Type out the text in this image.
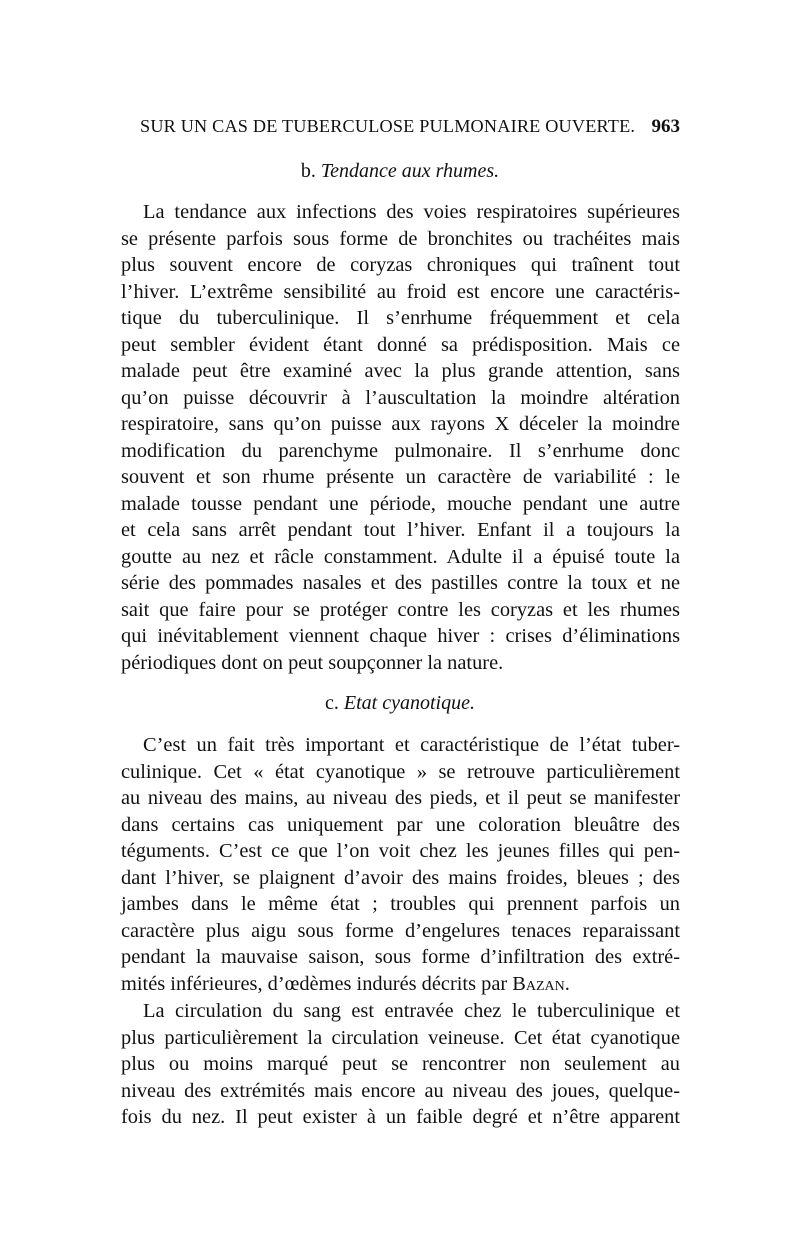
SUR UN CAS DE TUBERCULOSE PULMONAIRE OUVERTE. 963
b. Tendance aux rhumes.
La tendance aux infections des voies respiratoires supérieures
se présente parfois sous forme de bronchites ou trachéites mais
plus souvent encore de coryzas chroniques qui traînent tout
l’hiver. L’extrême sensibilité au froid est encore une caractéris-
tique du tuberculinique. Il s’enrhume fréquemment et cela
peut sembler évident étant donné sa prédisposition. Mais ce
malade peut être examiné avec la plus grande attention, sans
qu’on puisse découvrir à l’auscultation la moindre altération
respiratoire, sans qu’on puisse aux rayons X déceler la moindre
modification du parenchyme pulmonaire. Il s’enrhume donc
souvent et son rhume présente un caractère de variabilité : le
malade tousse pendant une période, mouche pendant une autre
et cela sans arrêt pendant tout l’hiver. Enfant il a toujours la
goutte au nez et râcle constamment. Adulte il a épuisé toute la
série des pommades nasales et des pastilles contre la toux et ne
sait que faire pour se protéger contre les coryzas et les rhumes
qui inévitablement viennent chaque hiver : crises d’éliminations
périodiques dont on peut soupçonner la nature.
c. Etat cyanotique.
C’est un fait très important et caractéristique de l’état tuber-
culinique. Cet « état cyanotique » se retrouve particulièrement
au niveau des mains, au niveau des pieds, et il peut se manifester
dans certains cas uniquement par une coloration bleuâtre des
téguments. C’est ce que l’on voit chez les jeunes filles qui pen-
dant l’hiver, se plaignent d’avoir des mains froides, bleues ; des
jambes dans le même état ; troubles qui prennent parfois un
caractère plus aigu sous forme d’engelures tenaces reparaissant
pendant la mauvaise saison, sous forme d’infiltration des extré-
mités inférieures, d’œdèmes indurés décrits par Bazan.
La circulation du sang est entravée chez le tuberculinique et
plus particulièrement la circulation veineuse. Cet état cyanotique
plus ou moins marqué peut se rencontrer non seulement au
niveau des extrémités mais encore au niveau des joues, quelque-
fois du nez. Il peut exister à un faible degré et n’être apparent
